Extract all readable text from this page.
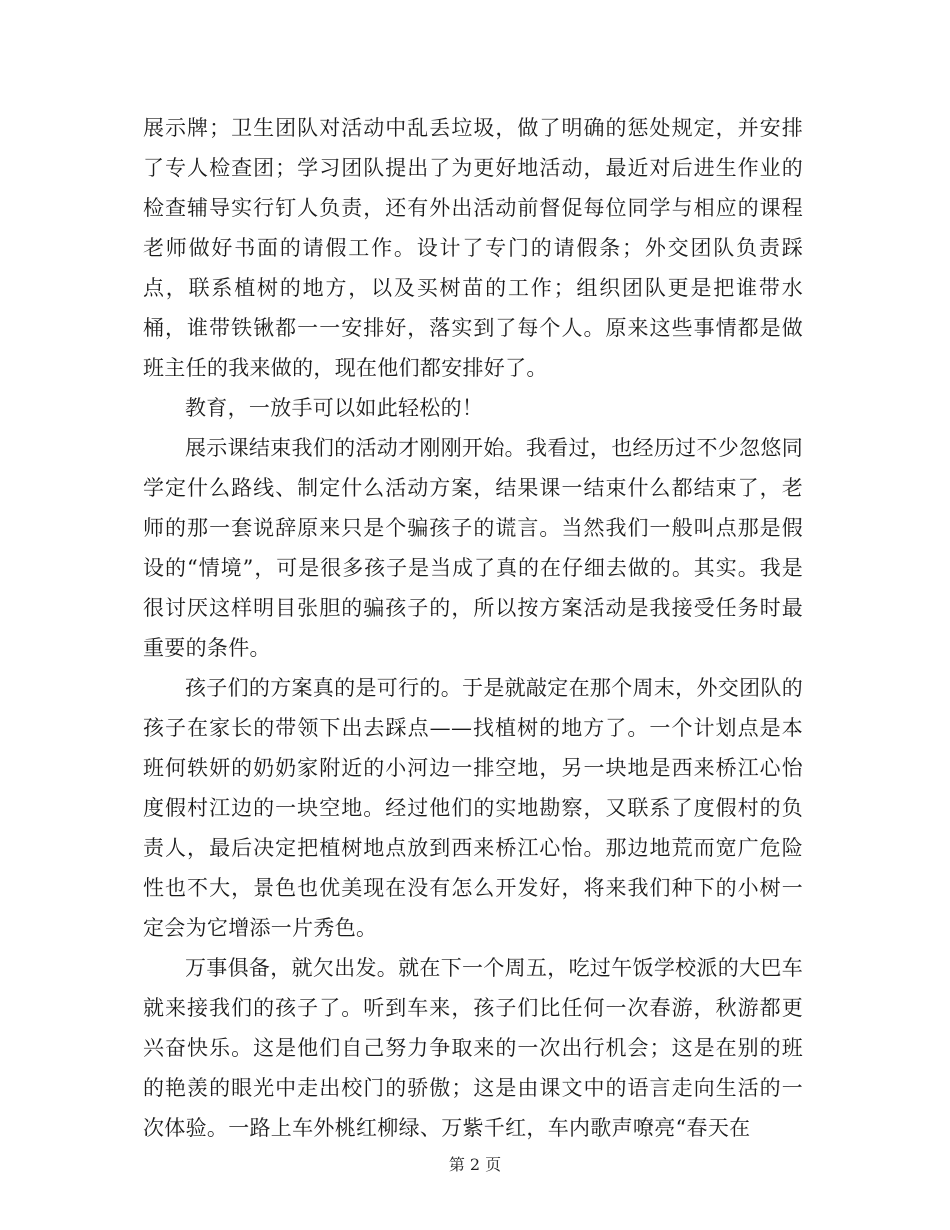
展示牌；卫生团队对活动中乱丢垃圾，做了明确的惩处规定，并安排了专人检查团；学习团队提出了为更好地活动，最近对后进生作业的检查辅导实行钉人负责，还有外出活动前督促每位同学与相应的课程老师做好书面的请假工作。设计了专门的请假条；外交团队负责踩点，联系植树的地方，以及买树苗的工作；组织团队更是把谁带水桶，谁带铁锹都一一安排好，落实到了每个人。原来这些事情都是做班主任的我来做的，现在他们都安排好了。

教育，一放手可以如此轻松的！

展示课结束我们的活动才刚刚开始。我看过，也经历过不少忽悠同学定什么路线、制定什么活动方案，结果课一结束什么都结束了，老师的那一套说辞原来只是个骗孩子的谎言。当然我们一般叫点那是假设的“情境”，可是很多孩子是当成了真的在仔细去做的。其实。我是很讨厌这样明目张胆的骗孩子的，所以按方案活动是我接受任务时最重要的条件。

孩子们的方案真的是可行的。于是就敲定在那个周末，外交团队的孩子在家长的带领下出去踩点——找植树的地方了。一个计划点是本班何轶妍的奶奶家附近的小河边一排空地，另一块地是西来桥江心怡度假村江边的一块空地。经过他们的实地勘察，又联系了度假村的负责人，最后决定把植树地点放到西来桥江心怡。那边地荒而宽广危险性也不大，景色也优美现在没有怎么开发好，将来我们种下的小树一定会为它增添一片秀色。

万事俱备，就欠出发。就在下一个周五，吃过午饭学校派的大巴车就来接我们的孩子了。听到车来，孩子们比任何一次春游，秋游都更兴奋快乐。这是他们自己努力争取来的一次出行机会；这是在别的班的艳羡的眼光中走出校门的骄傲；这是由课文中的语言走向生活的一次体验。一路上车外桃红柳绿、万紫千红，车内歌声嘹亮“春天在

第 2 页
